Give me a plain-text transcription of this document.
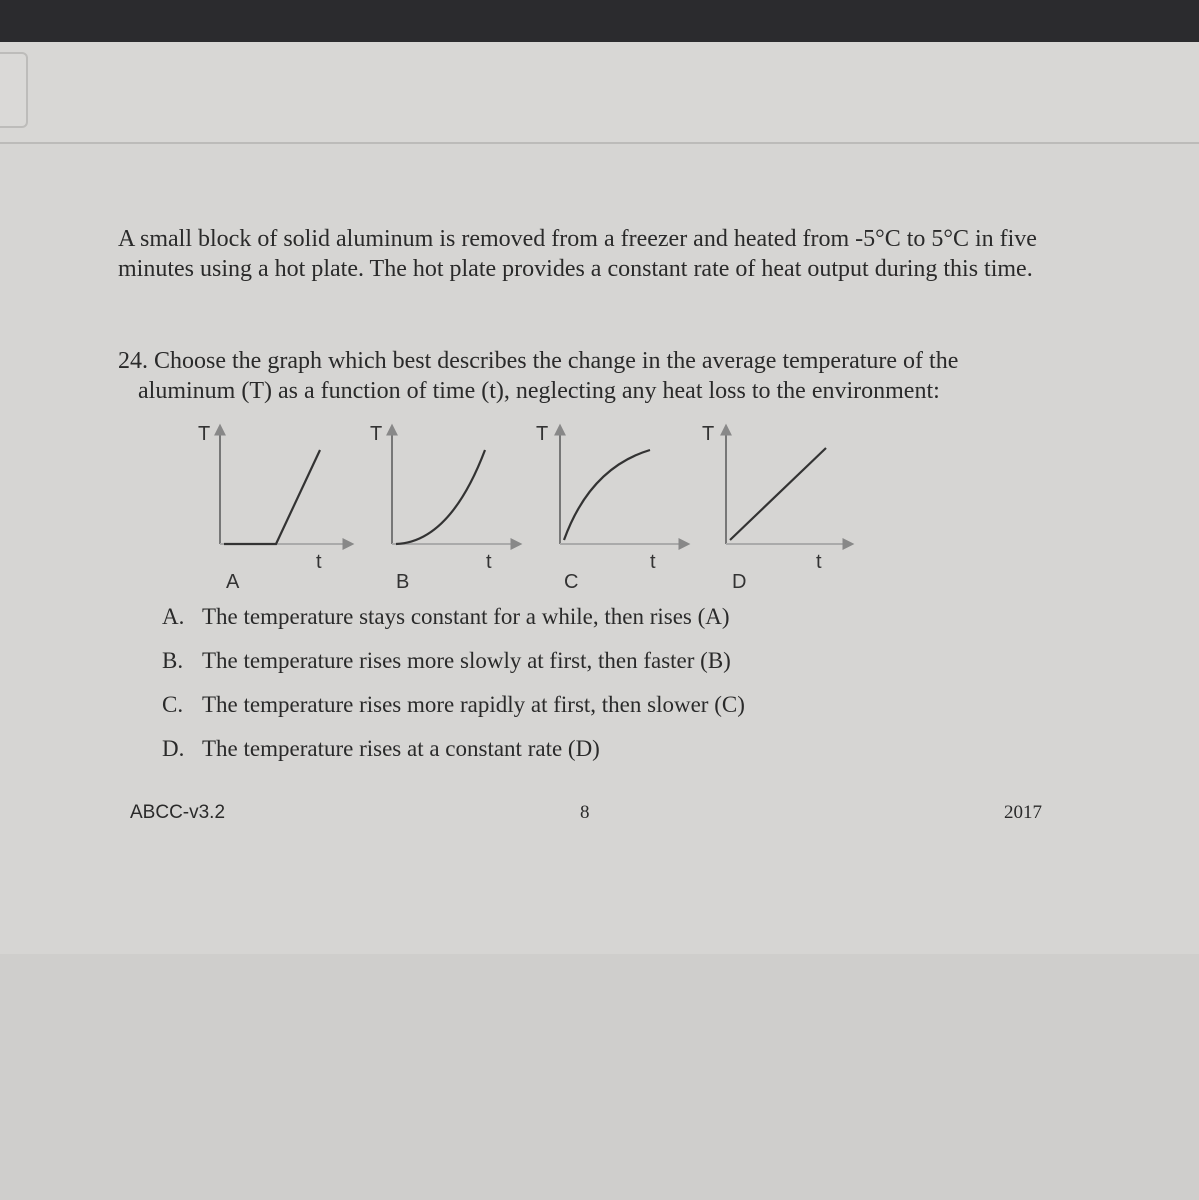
A small block of solid aluminum is removed from a freezer and heated from -5°C to 5°C in five minutes using a hot plate. The hot plate provides a constant rate of heat output during this time.
24. Choose the graph which best describes the change in the average temperature of the
aluminum (T) as a function of time (t), neglecting any heat loss to the environment:
T
t
A
T
t
B
T
t
C
T
t
D
A. The temperature stays constant for a while, then rises (A)
B. The temperature rises more slowly at first, then faster (B)
C. The temperature rises more rapidly at first, then slower (C)
D. The temperature rises at a constant rate (D)
ABCC-v3.2	8	2017
